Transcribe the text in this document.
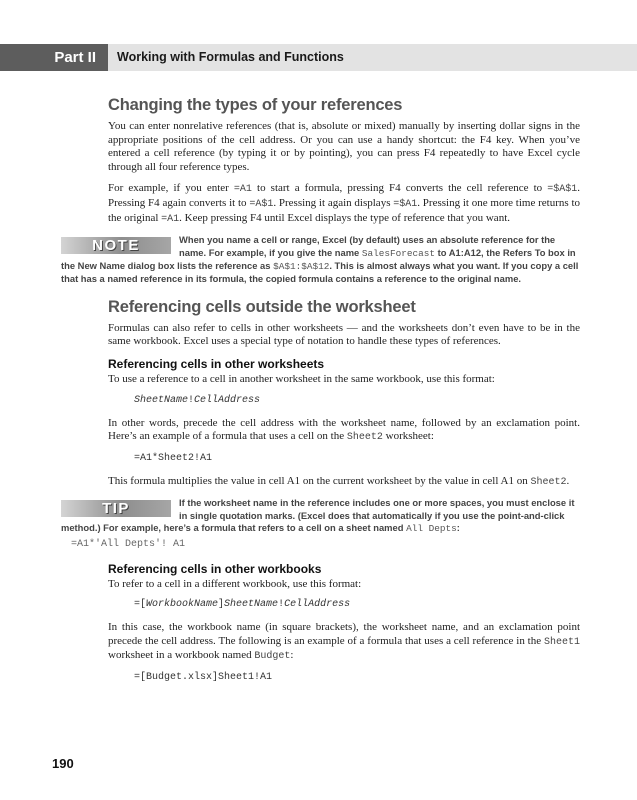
Part II	Working with Formulas and Functions
Changing the types of your references

You can enter nonrelative references (that is, absolute or mixed) manually by inserting dollar signs in the appropriate positions of the cell address. Or you can use a handy shortcut: the F4 key. When you’ve entered a cell reference (by typing it or by pointing), you can press F4 repeatedly to have Excel cycle through all four reference types.

For example, if you enter =A1 to start a formula, pressing F4 converts the cell reference to =$A$1. Pressing F4 again converts it to =A$1. Pressing it again displays =$A1. Pressing it one more time returns to the original =A1. Keep pressing F4 until Excel displays the type of reference that you want.

NOTE	When you name a cell or range, Excel (by default) uses an absolute reference for the name. For example, if you give the name SalesForecast to A1:A12, the Refers To box in the New Name dialog box lists the reference as $A$1:$A$12. This is almost always what you want. If you copy a cell that has a named reference in its formula, the copied formula contains a reference to the original name.

Referencing cells outside the worksheet

Formulas can also refer to cells in other worksheets — and the worksheets don’t even have to be in the same workbook. Excel uses a special type of notation to handle these types of references.

Referencing cells in other worksheets

To use a reference to a cell in another worksheet in the same workbook, use this format:

SheetName!CellAddress

In other words, precede the cell address with the worksheet name, followed by an exclamation point. Here’s an example of a formula that uses a cell on the Sheet2 worksheet:

=A1*Sheet2!A1

This formula multiplies the value in cell A1 on the current worksheet by the value in cell A1 on Sheet2.

TIP	If the worksheet name in the reference includes one or more spaces, you must enclose it in single quotation marks. (Excel does that automatically if you use the point-and-click method.) For example, here’s a formula that refers to a cell on a sheet named All Depts:

=A1*'All Depts'! A1
Referencing cells in other workbooks

To refer to a cell in a different workbook, use this format:

=[WorkbookName]SheetName!CellAddress

In this case, the workbook name (in square brackets), the worksheet name, and an exclamation point precede the cell address. The following is an example of a formula that uses a cell reference in the Sheet1 worksheet in a workbook named Budget:

=[Budget.xlsx]Sheet1!A1
190
